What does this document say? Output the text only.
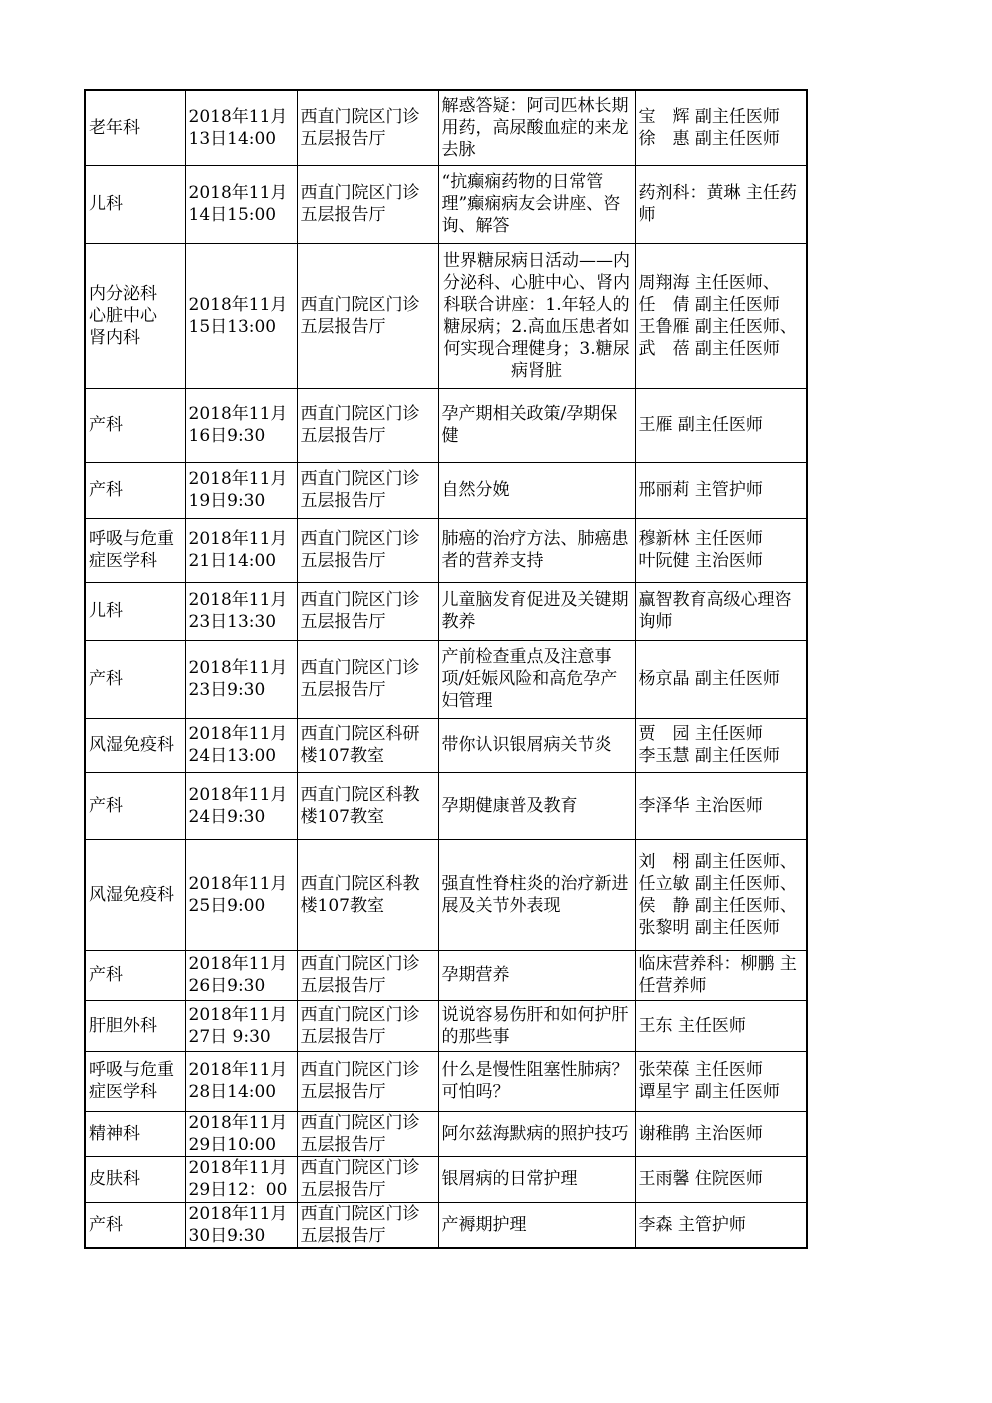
老年科	2018年11月13日14:00	西直门院区门诊五层报告厅	解惑答疑：阿司匹林长期用药，高尿酸血症的来龙去脉	宝　辉 副主任医师
徐　惠 副主任医师

儿科	2018年11月14日15:00	西直门院区门诊五层报告厅	“抗癫痫药物的日常管理”癫痫病友会讲座、咨询、解答	药剂科：黄琳 主任药师

内分泌科
心脏中心
肾内科	2018年11月15日13:00	西直门院区门诊五层报告厅	世界糖尿病日活动——内分泌科、心脏中心、肾内科联合讲座：1.年轻人的糖尿病；2.高血压患者如何实现合理健身；3.糖尿病肾脏	周翔海 主任医师、
任　倩 副主任医师
王鲁雁 副主任医师、
武　蓓 副主任医师

产科	2018年11月16日9:30	西直门院区门诊五层报告厅	孕产期相关政策/孕期保健	王雁 副主任医师

产科	2018年11月19日9:30	西直门院区门诊五层报告厅	自然分娩	邢丽莉 主管护师

呼吸与危重症医学科	2018年11月21日14:00	西直门院区门诊五层报告厅	肺癌的治疗方法、肺癌患者的营养支持	穆新林 主任医师
叶阮健 主治医师

儿科	2018年11月23日13:30	西直门院区门诊五层报告厅	儿童脑发育促进及关键期教养	赢智教育高级心理咨询师

产科	2018年11月23日9:30	西直门院区门诊五层报告厅	产前检查重点及注意事项/妊娠风险和高危孕产妇管理	杨京晶 副主任医师

风湿免疫科	2018年11月24日13:00	西直门院区科研楼107教室	带你认识银屑病关节炎	贾　园 主任医师
李玉慧 副主任医师

产科	2018年11月24日9:30	西直门院区科教楼107教室	孕期健康普及教育	李泽华 主治医师

风湿免疫科	2018年11月25日9:00	西直门院区科教楼107教室	强直性脊柱炎的治疗新进展及关节外表现	刘　栩 副主任医师、　任立敏 副主任医师、侯　静 副主任医师、张黎明 副主任医师

产科	2018年11月26日9:30	西直门院区门诊五层报告厅	孕期营养	临床营养科：柳鹏 主任营养师

肝胆外科	2018年11月27日 9:30	西直门院区门诊五层报告厅	说说容易伤肝和如何护肝的那些事	王东 主任医师

呼吸与危重症医学科	2018年11月28日14:00	西直门院区门诊五层报告厅	什么是慢性阻塞性肺病？可怕吗？	张荣葆 主任医师
谭星宇 副主任医师

精神科	2018年11月29日10:00	西直门院区门诊五层报告厅	阿尔兹海默病的照护技巧	谢稚鹃 主治医师

皮肤科	2018年11月29日12：00	西直门院区门诊五层报告厅	银屑病的日常护理	王雨馨 住院医师

产科	2018年11月30日9:30	西直门院区门诊五层报告厅	产褥期护理	李森 主管护师
